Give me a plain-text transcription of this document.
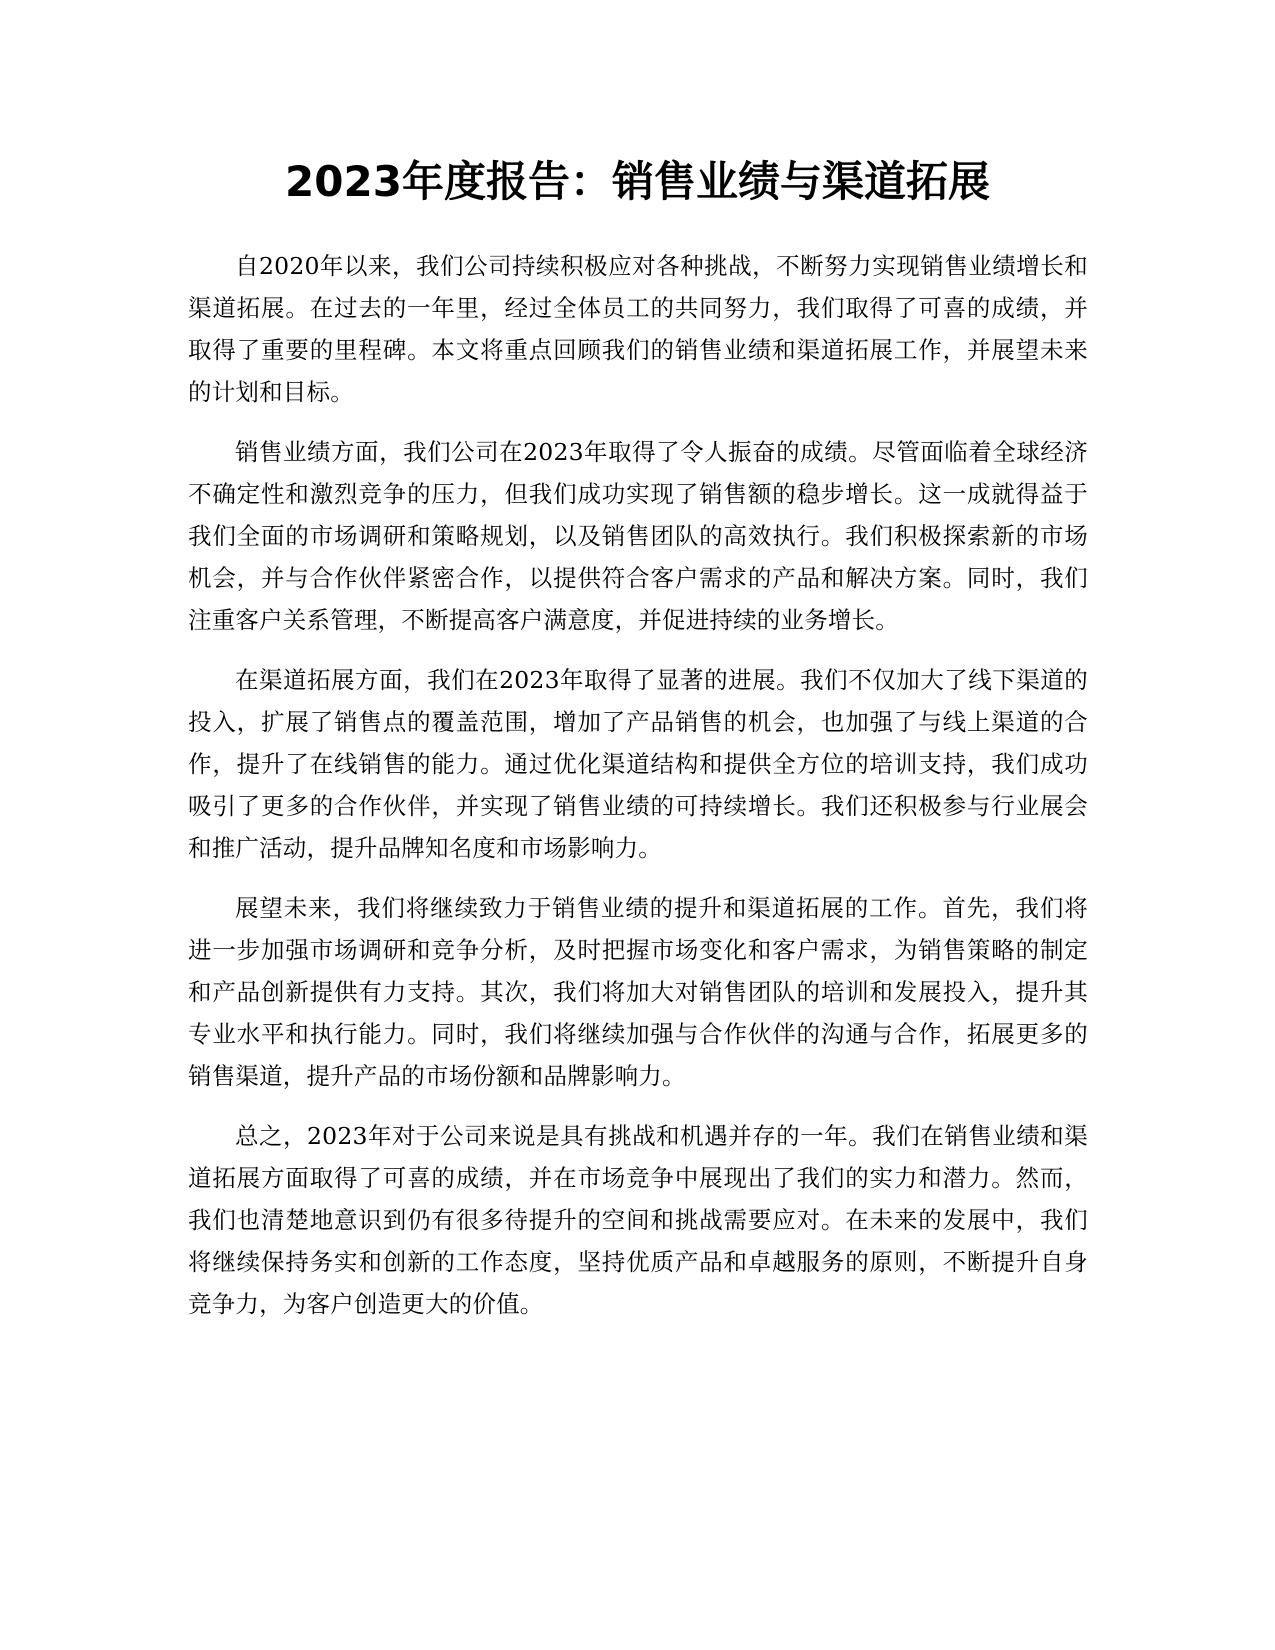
2023年度报告：销售业绩与渠道拓展

自2020年以来，我们公司持续积极应对各种挑战，不断努力实现销售业绩增长和渠道拓展。在过去的一年里，经过全体员工的共同努力，我们取得了可喜的成绩，并取得了重要的里程碑。本文将重点回顾我们的销售业绩和渠道拓展工作，并展望未来的计划和目标。

销售业绩方面，我们公司在2023年取得了令人振奋的成绩。尽管面临着全球经济不确定性和激烈竞争的压力，但我们成功实现了销售额的稳步增长。这一成就得益于我们全面的市场调研和策略规划，以及销售团队的高效执行。我们积极探索新的市场机会，并与合作伙伴紧密合作，以提供符合客户需求的产品和解决方案。同时，我们注重客户关系管理，不断提高客户满意度，并促进持续的业务增长。

在渠道拓展方面，我们在2023年取得了显著的进展。我们不仅加大了线下渠道的投入，扩展了销售点的覆盖范围，增加了产品销售的机会，也加强了与线上渠道的合作，提升了在线销售的能力。通过优化渠道结构和提供全方位的培训支持，我们成功吸引了更多的合作伙伴，并实现了销售业绩的可持续增长。我们还积极参与行业展会和推广活动，提升品牌知名度和市场影响力。

展望未来，我们将继续致力于销售业绩的提升和渠道拓展的工作。首先，我们将进一步加强市场调研和竞争分析，及时把握市场变化和客户需求，为销售策略的制定和产品创新提供有力支持。其次，我们将加大对销售团队的培训和发展投入，提升其专业水平和执行能力。同时，我们将继续加强与合作伙伴的沟通与合作，拓展更多的销售渠道，提升产品的市场份额和品牌影响力。

总之，2023年对于公司来说是具有挑战和机遇并存的一年。我们在销售业绩和渠道拓展方面取得了可喜的成绩，并在市场竞争中展现出了我们的实力和潜力。然而，我们也清楚地意识到仍有很多待提升的空间和挑战需要应对。在未来的发展中，我们将继续保持务实和创新的工作态度，坚持优质产品和卓越服务的原则，不断提升自身竞争力，为客户创造更大的价值。
